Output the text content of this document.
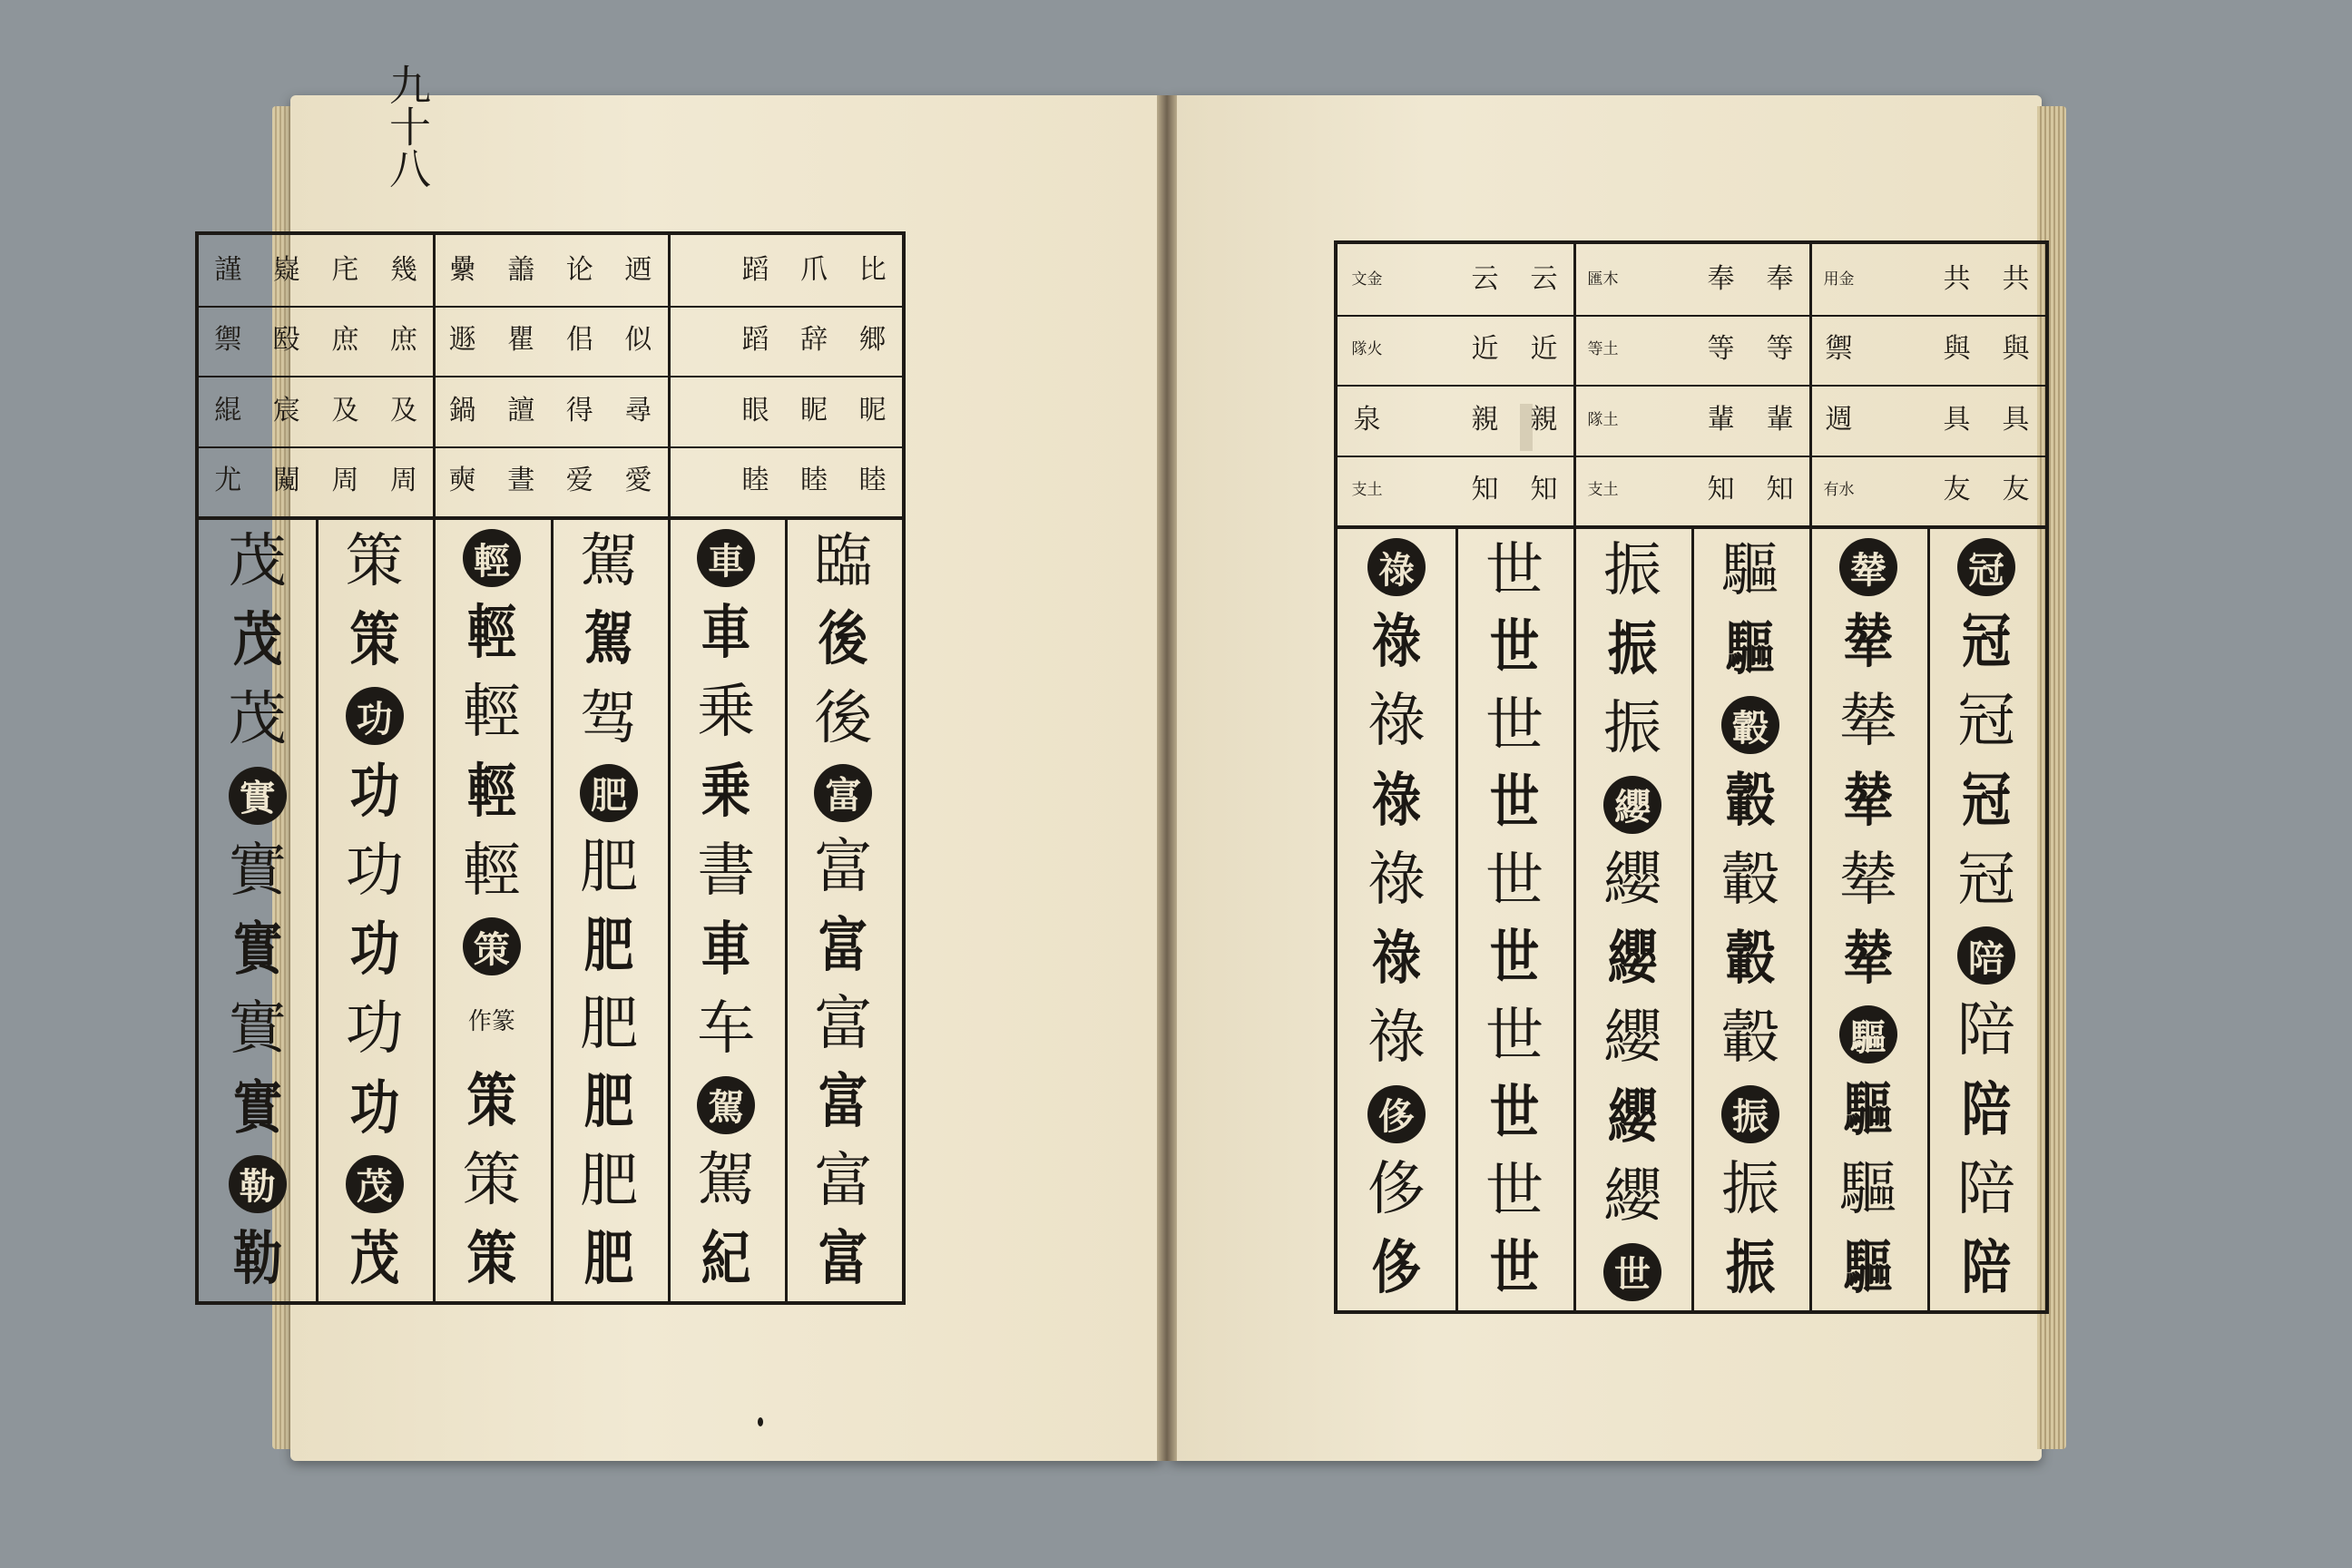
九十八
比
郷
昵
睦
爪
辞
眤
睦
蹈
蹈
眼
睦
迺
似
尋
愛
论
佀
得
爱
譱
瞿
譠
晝
纍
遯
鍋
奭
幾
庶
及
周
㡯
庶
及
周
嶷
殹
宸
闚
謹
禦
緄
尤
臨
後
後
富
富
富
富
富
富
富
車
車
乗
乗
書
車
车
駕
駕
紀
駕
駕
驾
肥
肥
肥
肥
肥
肥
肥
輕
輕
輕
輕
輕
策
作篆
策
策
策
策
策
功
功
功
功
功
功
茂
茂
茂
茂
茂
實
實
實
實
實
勒
勒
共
與
具
友
共
與
具
友
用金
禦
週
有水
奉
等
輩
知
奉
等
輩
知
匯木
等土
隊土
支土
云
近
親
知
云
近
親
知
文金
隊火
泉
支土
冠
冠
冠
冠
冠
陪
陪
陪
陪
陪
辇
辇
辇
辇
辇
辇
驅
驅
驅
驅
驅
驅
轂
轂
轂
轂
轂
振
振
振
振
振
振
纓
纓
纓
纓
纓
纓
世
世
世
世
世
世
世
世
世
世
世
祿
祿
祿
祿
祿
祿
祿
侈
侈
侈
